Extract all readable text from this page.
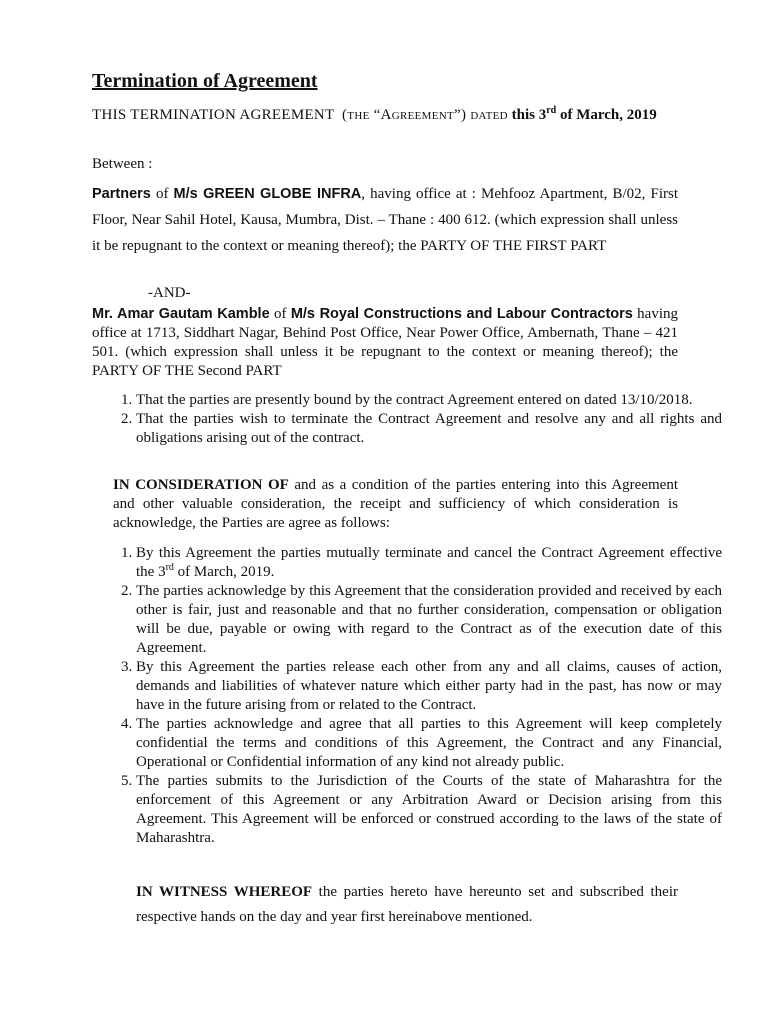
Termination of Agreement

THIS TERMINATION AGREEMENT (the “Agreement”) dated this 3rd of March, 2019

Between :

Partners of M/s GREEN GLOBE INFRA, having office at : Mehfooz Apartment, B/02, First Floor, Near Sahil Hotel, Kausa, Mumbra, Dist. – Thane : 400 612. (which expression shall unless it be repugnant to the context or meaning thereof); the PARTY OF THE FIRST PART

-AND-

Mr. Amar Gautam Kamble of M/s Royal Constructions and Labour Contractors having office at 1713, Siddhart Nagar, Behind Post Office, Near Power Office, Ambernath, Thane – 421 501. (which expression shall unless it be repugnant to the context or meaning thereof); the PARTY OF THE Second PART

1. That the parties are presently bound by the contract Agreement entered on dated 13/10/2018.
2. That the parties wish to terminate the Contract Agreement and resolve any and all rights and obligations arising out of the contract.

IN CONSIDERATION OF and as a condition of the parties entering into this Agreement and other valuable consideration, the receipt and sufficiency of which consideration is acknowledge, the Parties are agree as follows:

1. By this Agreement the parties mutually terminate and cancel the Contract Agreement effective the 3rd of March, 2019.
2. The parties acknowledge by this Agreement that the consideration provided and received by each other is fair, just and reasonable and that no further consideration, compensation or obligation will be due, payable or owing with regard to the Contract as of the execution date of this Agreement.
3. By this Agreement the parties release each other from any and all claims, causes of action, demands and liabilities of whatever nature which either party had in the past, has now or may have in the future arising from or related to the Contract.
4. The parties acknowledge and agree that all parties to this Agreement will keep completely confidential the terms and conditions of this Agreement, the Contract and any Financial, Operational or Confidential information of any kind not already public.
5. The parties submits to the Jurisdiction of the Courts of the state of Maharashtra for the enforcement of this Agreement or any Arbitration Award or Decision arising from this Agreement. This Agreement will be enforced or construed according to the laws of the state of Maharashtra.

IN WITNESS WHEREOF the parties hereto have hereunto set and subscribed their respective hands on the day and year first hereinabove mentioned.
